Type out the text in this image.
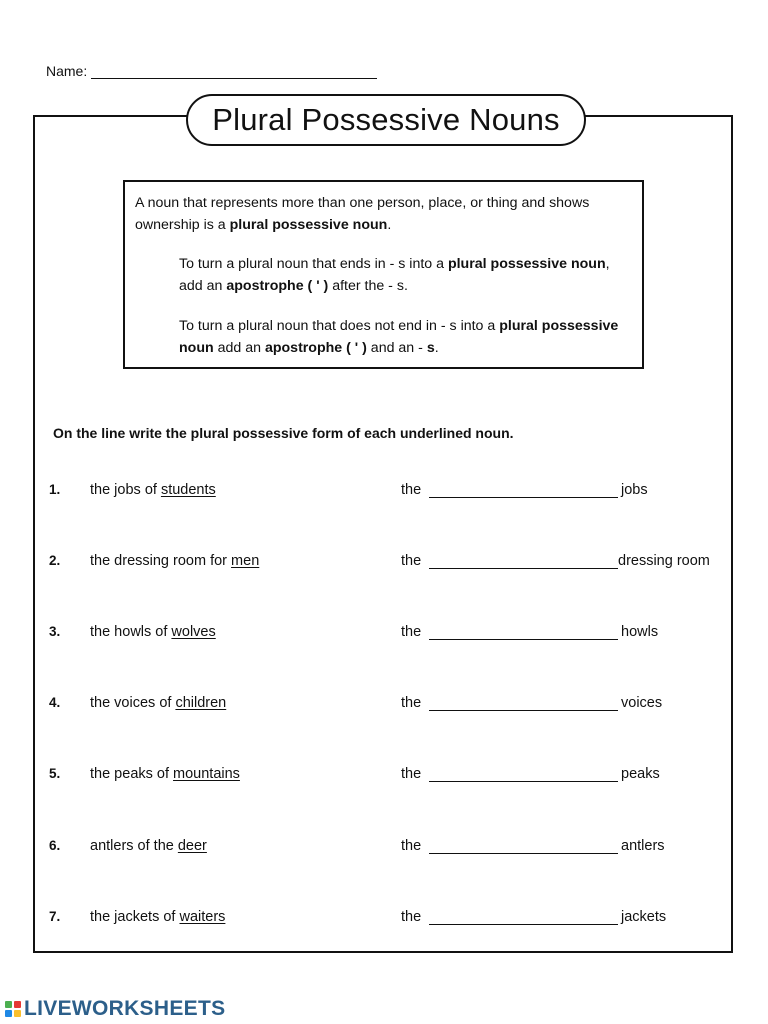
Name:
Plural Possessive Nouns

A noun that represents more than one person, place, or thing and shows ownership is a plural possessive noun.

To turn a plural noun that ends in - s into a plural possessive noun, add an apostrophe ( ' ) after the - s.

To turn a plural noun that does not end in - s into a plural possessive noun add an apostrophe ( ' ) and an - s.

On the line write the plural possessive form of each underlined noun.
1. the jobs of students	the	jobs
2. the dressing room for men	the	dressing room
3. the howls of wolves	the	howls
4. the voices of children	the	voices
5. the peaks of mountains	the	peaks
6. antlers of the deer	the	antlers
7. the jackets of waiters	the	jackets
LIVEWORKSHEETS
